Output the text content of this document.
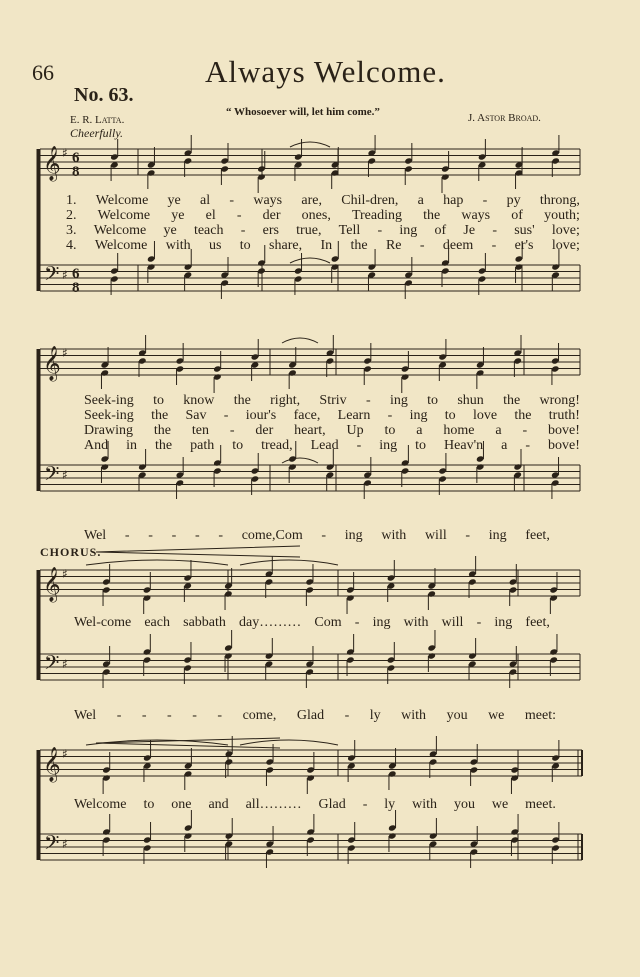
66	Always Welcome.
No. 63.
“ Whosoever will, let him come.”
E. R. Latta.	J. Astor Broad.
Cheerfully.
CHORUS.
1. Welcome ye al - ways are, Chil-dren, a hap - py throng,
2. Welcome ye el - der ones, Treading the ways of youth;
3. Welcome ye teach - ers true, Tell - ing of Je - sus' love;
4. Welcome with us to share, In the Re - deem - er's love;
Seek-ing to know the right, Striv - ing to shun the wrong!
Seek-ing the Sav - iour's face, Learn - ing to love the truth!
Drawing the ten - der heart, Up to a home a - bove!
And in the path to tread, Lead - ing to Heav'n a - bove!
Wel - - - - - come,Com - ing with will - ing feet,
Wel-come each sabbath day……… Com - ing with will - ing feet,
Wel - - - - - come, Glad - ly with you we meet:
Welcome to one and all……… Glad - ly with you we meet.
𝄞
𝄢
♯
♯
𝄞
𝄢
♯
♯
𝄞
𝄢
♯
♯
𝄞
𝄢
♯
♯
6
8
6
8
